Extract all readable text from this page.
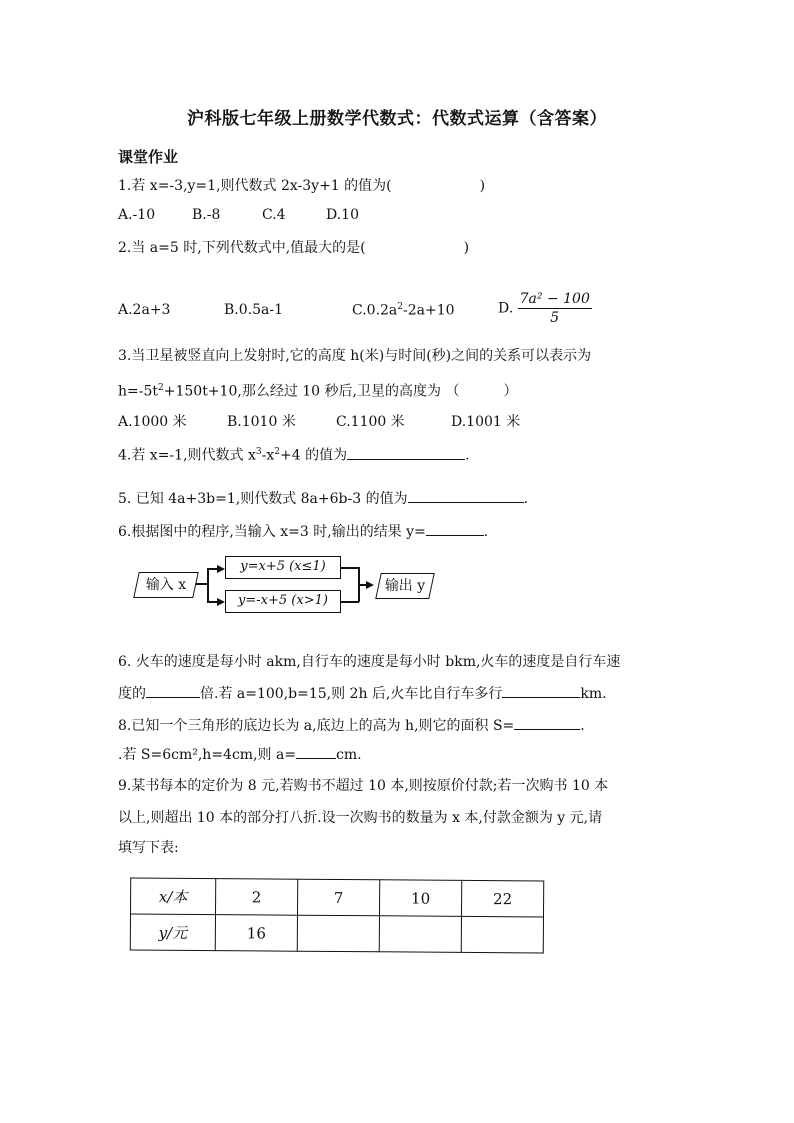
沪科版七年级上册数学代数式：代数式运算（含答案）
课堂作业
1.若 x=-3,y=1,则代数式 2x-3y+1 的值为(	)
A.-10	B.-8	C.4	D.10
2.当 a=5 时,下列代数式中,值最大的是(	)
A.2a+3	B.0.5a-1	$C.0.2a^2-2a+10$	D. $\frac{\text{7a² − 100}}{5}$
3.当卫星被竖直向上发射时,它的高度 h(米)与时间(秒)之间的关系可以表示为
$h=-5t^2+150t+10$,那么经过 10 秒后,卫星的高度为 （	）
A.1000 米	B.1010 米	C.1100 米	D.1001 米
4.若 x=-1,则代数式 $x^3-x^2+4$ 的值为	.
5. 已知 4a+3b=1,则代数式 8a+6b-3 的值为	.
6.根据图中的程序,当输入 x=3 时,输出的结果 y=	.
输入 x
y=x+5 (x≤1)
y=-x+5 (x>1)
输出 y
6. 火车的速度是每小时 akm,自行车的速度是每小时 bkm,火车的速度是自行车速
度的	倍.若 a=100,b=15,则 2h 后,火车比自行车多行	km.
8.已知一个三角形的底边长为 a,底边上的高为 h,则它的面积 S=	.
.若 S=6cm²,h=4cm,则 a=	cm.
9.某书每本的定价为 8 元,若购书不超过 10 本,则按原价付款;若一次购书 10 本
以上,则超出 10 本的部分打八折.设一次购书的数量为 x 本,付款金额为 y 元,请
填写下表:
x/本	2	7	10	22
y/元	16			
